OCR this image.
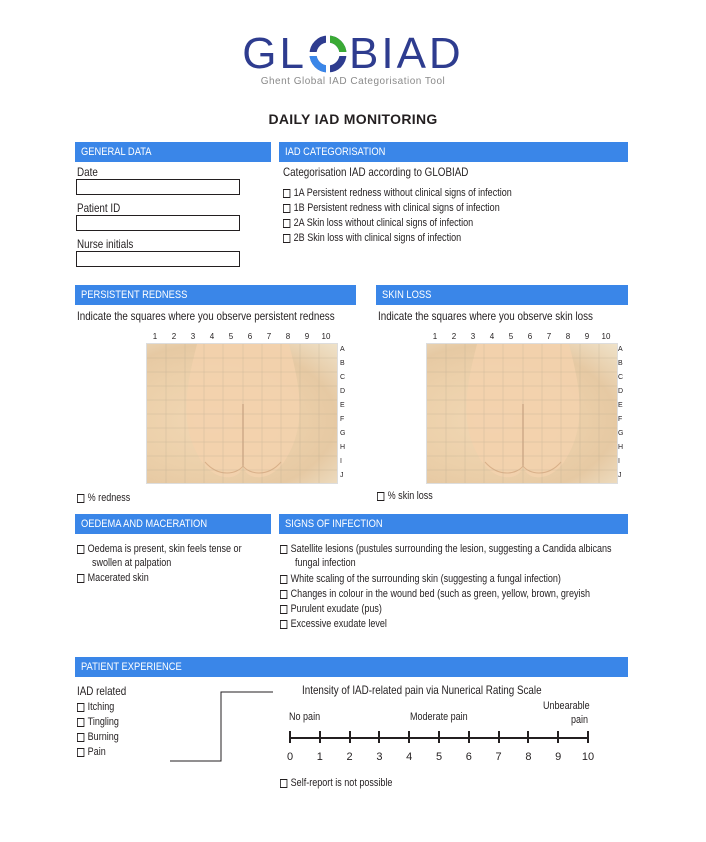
GL BIAD
Ghent Global IAD Categorisation Tool
DAILY IAD MONITORING
GENERAL DATA
Date
Patient ID
Nurse initials
IAD CATEGORISATION
Categorisation IAD according to GLOBIAD
1A Persistent redness without clinical signs of infection
1B Persistent redness with clinical signs of infection
2A Skin loss without clinical signs of infection
2B Skin loss with clinical signs of infection
PERSISTENT REDNESS
Indicate the squares where you observe persistent redness
1	2	3	4	5	6	7	8	9	10
A
B
C
D
E
F
G
H
I
J
% redness
SKIN LOSS
Indicate the squares where you observe skin loss
1	2	3	4	5	6	7	8	9	10
A
B
C
D
E
F
G
H
I
J
% skin loss
OEDEMA AND MACERATION
Oedema is present, skin feels tense or
swollen at palpation
Macerated skin
SIGNS OF INFECTION
Satellite lesions (pustules surrounding the lesion, suggesting a Candida albicans
fungal infection
White scaling of the surrounding skin (suggesting a fungal infection)
Changes in colour in the wound bed (such as green, yellow, brown, greyish
Purulent exudate (pus)
Excessive exudate level
PATIENT EXPERIENCE
IAD related
Itching
Tingling
Burning
Pain
Intensity of IAD-related pain via Nunerical Rating Scale
No pain	Moderate pain
Unbearable
pain
0	1	2	3	4	5	6	7	8	9	10
Self-report is not possible
